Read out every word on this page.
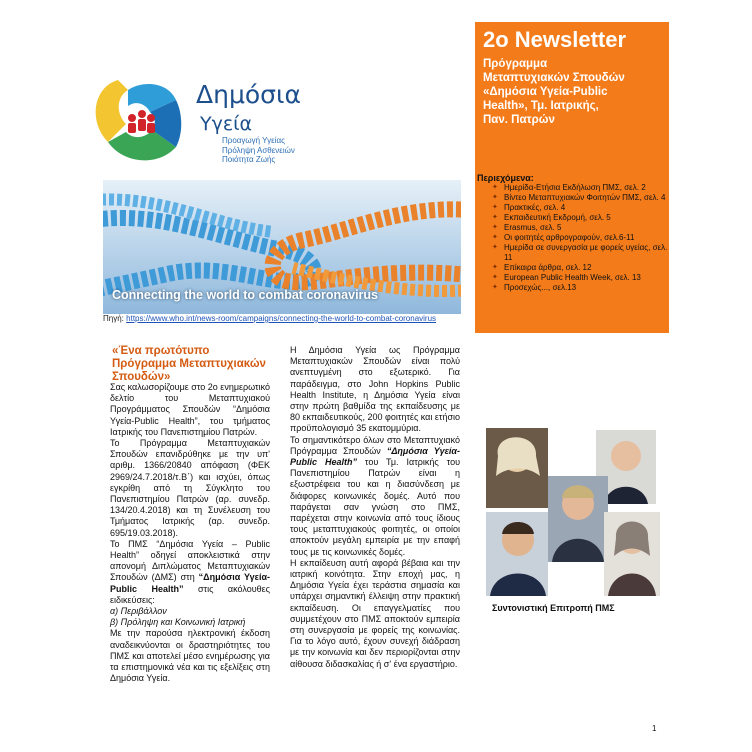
Δημόσια
Υγεία
Προαγωγή Υγείας
Πρόληψη Ασθενειών
Ποιότητα Ζωής
Connecting the world to combat coronavirus
Πηγή: https://www.who.int/news-room/campaigns/connecting-the-world-to-combat-coronavirus
2o Newsletter
Πρόγραμμα
Μεταπτυχιακών Σπουδών
«Δημόσια Υγεία-Public
Health», Τμ. Ιατρικής,
Παν. Πατρών
Περιεχόμενα:
✦ Ημερίδα-Ετήσια Εκδήλωση ΠΜΣ, σελ. 2
✦ Βίντεο Μεταπτυχιακών Φοιτητών ΠΜΣ, σελ. 4
✦ Πρακτικές, σελ. 4
✦ Εκπαιδευτική Εκδρομή, σελ. 5
✦ Erasmus, σελ. 5
✦ Οι φοιτητές αρθρογραφούν, σελ.6-11
✦ Ημερίδα σε συνεργασία με φορείς υγείας, σελ. 11
✦ Επίκαιρα άρθρα, σελ. 12
✦ European Public Health Week, σελ. 13
✦ Προσεχώς..., σελ.13
«Ένα πρωτότυπο Πρόγραμμα Μεταπτυχιακών Σπουδών»

Σας καλωσορίζουμε στο 2ο ενημερωτικό δελτίο του Μεταπτυχιακού Προγράμματος Σπουδών “Δημόσια Υγεία-Public Health”, του τμήματος Ιατρικής του Πανεπιστημίου Πατρών.

Το Πρόγραμμα Μεταπτυχιακών Σπουδών επανιδρύθηκε με την υπ' αριθμ. 1366/20840 απόφαση (ΦΕΚ 2969/24.7.2018/τ.Β΄) και ισχύει, όπως εγκρίθη από τη Σύγκλητο του Πανεπιστημίου Πατρών (αρ. συνεδρ. 134/20.4.2018) και τη Συνέλευση του Τμήματος Ιατρικής (αρ. συνεδρ. 695/19.03.2018).

Το ΠΜΣ “Δημόσια Υγεία – Public Health” οδηγεί αποκλειστικά στην απονομή Διπλώματος Μεταπτυχιακών Σπουδών (ΔΜΣ) στη “Δημόσια Υγεία-Public Health” στις ακόλουθες ειδικεύσεις:

α) Περιβάλλον

β) Πρόληψη και Κοινωνική Ιατρική

Με την παρούσα ηλεκτρονική έκδοση αναδεικνύονται οι δραστηριότητες του ΠΜΣ και αποτελεί μέσο ενημέρωσης για τα επιστημονικά νέα και τις εξελίξεις στη Δημόσια Υγεία.

Η Δημόσια Υγεία ως Πρόγραμμα Μεταπτυχιακών Σπουδών είναι πολύ ανεπτυγμένη στο εξωτερικό. Για παράδειγμα, στο John Hopkins Public Health Institute, η Δημόσια Υγεία είναι στην πρώτη βαθμίδα της εκπαίδευσης με 80 εκπαιδευτικούς, 200 φοιτητές και ετήσιο προϋπολογισμό 35 εκατομμύρια.

Το σημαντικότερο όλων στο Μεταπτυχιακό Πρόγραμμα Σπουδών “Δημόσια Υγεία-Public Health” του Τμ. Ιατρικής του Πανεπιστημίου Πατρών είναι η εξωστρέφεια του και η διασύνδεση με διάφορες κοινωνικές δομές. Αυτό που παράγεται σαν γνώση στο ΠΜΣ, παρέχεται στην κοινωνία από τους ίδιους τους μεταπτυχιακούς φοιτητές, οι οποίοι αποκτούν μεγάλη εμπειρία με την επαφή τους με τις κοινωνικές δομές.

Η εκπαίδευση αυτή αφορά βέβαια και την ιατρική κοινότητα. Στην εποχή μας, η Δημόσια Υγεία έχει τεράστια σημασία και υπάρχει σημαντική έλλειψη στην πρακτική εκπαίδευση. Οι επαγγελματίες που συμμετέχουν στο ΠΜΣ αποκτούν εμπειρία στη συνεργασία με φορείς της κοινωνίας. Για το λόγο αυτό, έχουν συνεχή διάδραση με την κοινωνία και δεν περιορίζονται στην αίθουσα διδασκαλίας ή σ' ένα εργαστήριο.

Συντονιστική Επιτροπή ΠΜΣ
1
